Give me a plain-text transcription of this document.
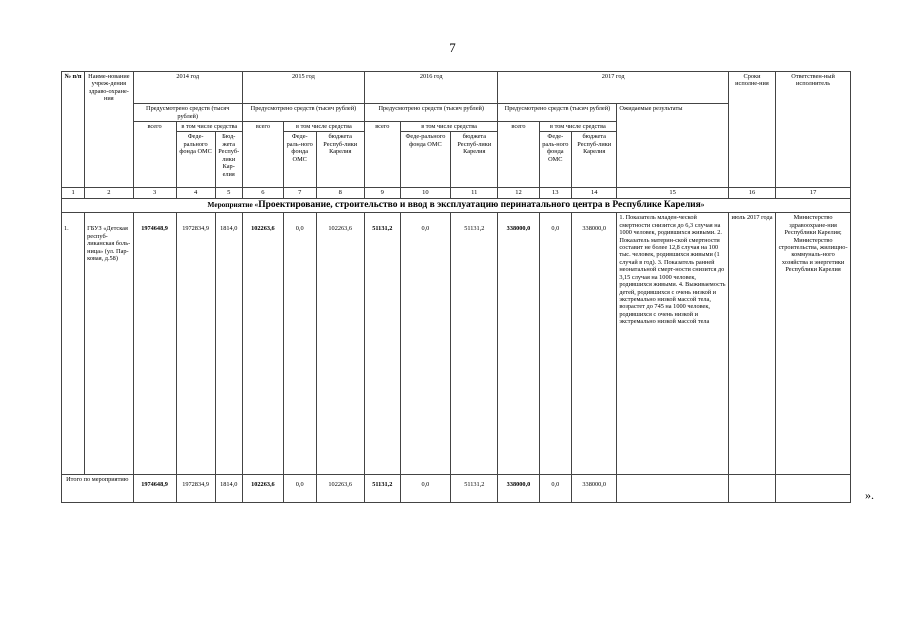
7
№ п/п	Наиме-нование учреж-дения здраво-охране-ния	2014 год			2015 год			2016 год			2017 год				Сроки исполне-ния	Ответствен-ный исполнитель
		Предусмотрено средств (тысяч рублей)			Предусмотрено средств (тысяч рублей)			Предусмотрено средств (тысяч рублей)			Предусмотрено средств (тысяч рублей)			Ожидаемые результаты		
		всего	в том числе средства		всего	в том числе средства		всего	в том числе средства		всего	в том числе средства				
			Феде-рального фонда ОМС	Бюд-жета Респуб-лики Кар-елия		Феде-раль-ного фонда ОМС	бюджета Респуб-лики Карелия		Феде-рального фонда ОМС	бюджета Респуб-лики Карелия		Феде-раль-ного фонда ОМС	бюджета Респуб-лики Карелия			
1	2	3	4	5	6	7	8	9	10	11	12	13	14	15	16	17
Мероприятие «Проектирование, строительство и ввод в эксплуатацию перинатального центра в Республике Карелия»																
1.	ГБУЗ «Детская респуб-ликанская боль-ница» (ул. Пар-ковая, д.58)	1974648,9	1972834,9	1814,0	102263,6	0,0	102263,6	51131,2	0,0	51131,2	338000,0	0,0	338000,0	1. Показатель младен-ческой смертности снизится до 6,3 случая на 1000 человек, родившихся живыми. 2. Показатель материн-ской смертности составит не более 12,8 случая на 100 тыс. человек, родившихся живыми (1 случай в год). 3. Показатель ранней неонатальной смерт-ности снизится до 3,15 случая на 1000 человек, родившихся живыми. 4. Выживаемость детей, родившихся с очень низкой и экстремально низкой массой тела, возрастет до 745 на 1000 человек, родившихся с очень низкой и экстремально низкой массой тела	июль 2017 года	Министерство здравоохране-ния Республики Карелия; Министерство строительства, жилищно-коммуналь-ного хозяйства и энергетики Республики Карелия
Итого по мероприятию		1974648,9	1972834,9	1814,0	102263,6	0,0	102263,6	51131,2	0,0	51131,2	338000,0	0,0	338000,0			
».
